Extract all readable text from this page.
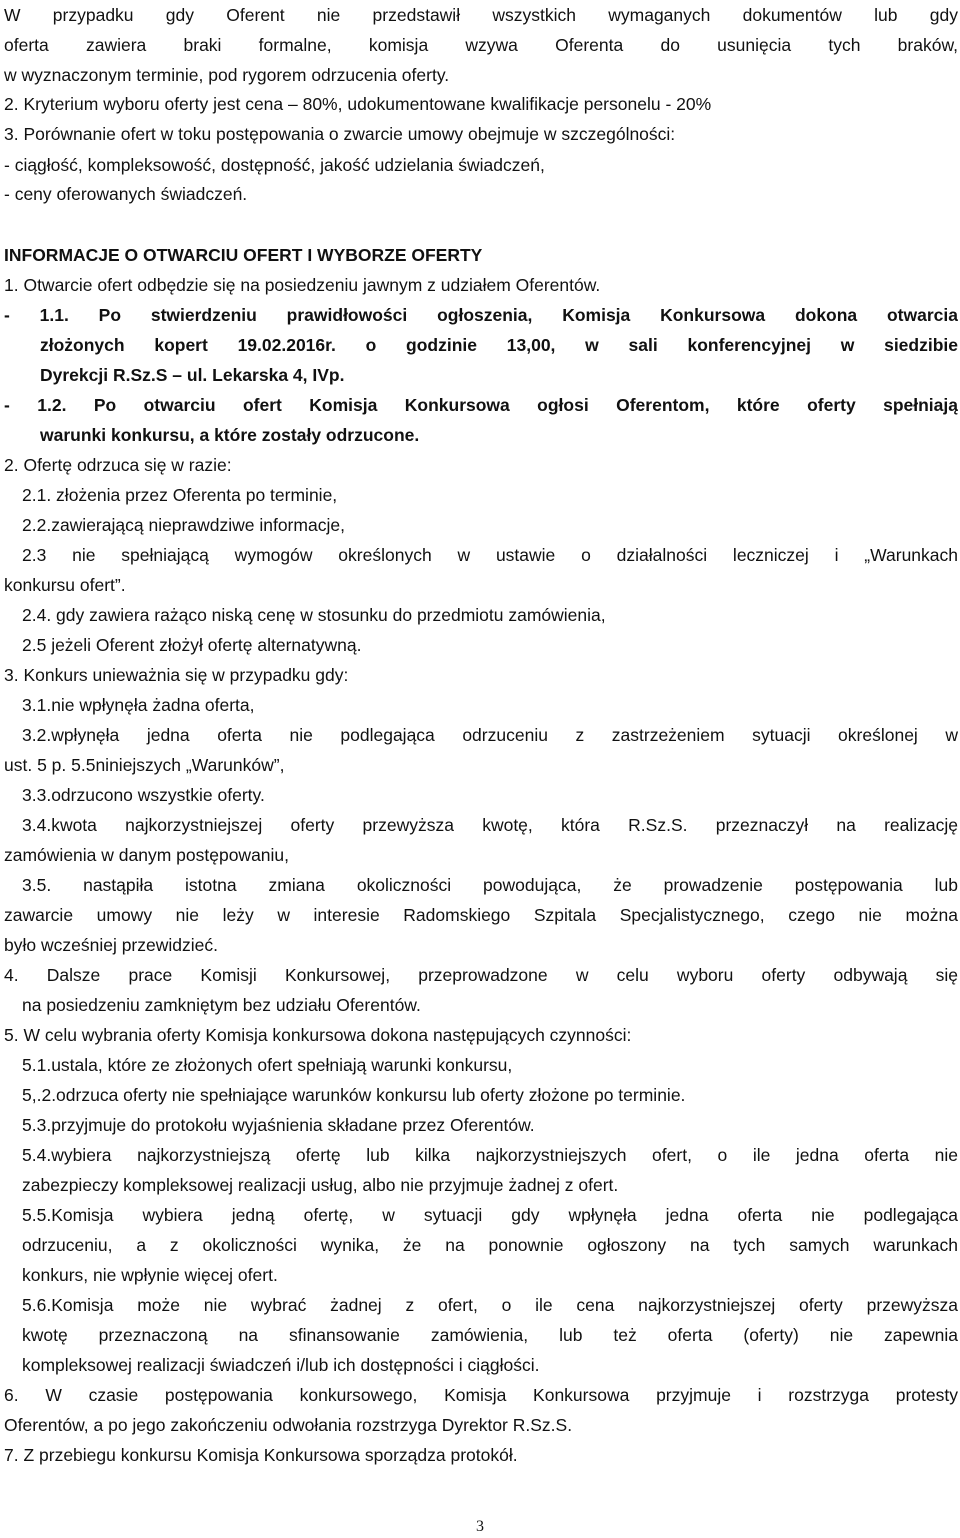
W przypadku gdy Oferent nie przedstawił wszystkich wymaganych dokumentów lub gdy
oferta zawiera braki formalne, komisja wzywa Oferenta do usunięcia tych braków,
w wyznaczonym terminie, pod rygorem odrzucenia oferty.
2. Kryterium wyboru oferty jest cena – 80%, udokumentowane kwalifikacje personelu - 20%
3. Porównanie ofert w toku postępowania o zwarcie umowy obejmuje w szczególności:
- ciągłość, kompleksowość, dostępność, jakość udzielania świadczeń,
- ceny oferowanych świadczeń.
INFORMACJE O OTWARCIU OFERT I WYBORZE OFERTY
1. Otwarcie ofert odbędzie się na posiedzeniu jawnym z udziałem Oferentów.
- 1.1. Po stwierdzeniu prawidłowości ogłoszenia, Komisja Konkursowa dokona otwarcia
złożonych kopert 19.02.2016r. o godzinie 13,00, w sali konferencyjnej w siedzibie
Dyrekcji R.Sz.S – ul. Lekarska 4, IVp.
- 1.2. Po otwarciu ofert Komisja Konkursowa ogłosi Oferentom, które oferty spełniają
warunki konkursu, a które zostały odrzucone.
2. Ofertę odrzuca się w razie:
2.1. złożenia przez Oferenta po terminie,
2.2.zawierającą nieprawdziwe informacje,
2.3 nie spełniającą wymogów określonych w ustawie o działalności leczniczej i „Warunkach
konkursu ofert”.
2.4. gdy zawiera rażąco niską cenę w stosunku do przedmiotu zamówienia,
2.5 jeżeli Oferent złożył ofertę alternatywną.
3. Konkurs unieważnia się w przypadku gdy:
3.1.nie wpłynęła żadna oferta,
3.2.wpłynęła jedna oferta nie podlegająca odrzuceniu z zastrzeżeniem sytuacji określonej w
ust. 5 p. 5.5niniejszych „Warunków”,
3.3.odrzucono wszystkie oferty.
3.4.kwota najkorzystniejszej oferty przewyższa kwotę, która R.Sz.S. przeznaczył na realizację
zamówienia w danym postępowaniu,
3.5. nastąpiła istotna zmiana okoliczności powodująca, że prowadzenie postępowania lub
zawarcie umowy nie leży w interesie Radomskiego Szpitala Specjalistycznego, czego nie można
było wcześniej przewidzieć.
4. Dalsze prace Komisji Konkursowej, przeprowadzone w celu wyboru oferty odbywają się
na posiedzeniu zamkniętym bez udziału Oferentów.
5. W celu wybrania oferty Komisja konkursowa dokona następujących czynności:
5.1.ustala, które ze złożonych ofert spełniają warunki konkursu,
5,.2.odrzuca oferty nie spełniające warunków konkursu lub oferty złożone po terminie.
5.3.przyjmuje do protokołu wyjaśnienia składane przez Oferentów.
5.4.wybiera najkorzystniejszą ofertę lub kilka najkorzystniejszych ofert, o ile jedna oferta nie
zabezpieczy kompleksowej realizacji usług, albo nie przyjmuje żadnej z ofert.
5.5.Komisja wybiera jedną ofertę, w sytuacji gdy wpłynęła jedna oferta nie podlegająca
odrzuceniu, a z okoliczności wynika, że na ponownie ogłoszony na tych samych warunkach
konkurs, nie wpłynie więcej ofert.
5.6.Komisja może nie wybrać żadnej z ofert, o ile cena najkorzystniejszej oferty przewyższa
kwotę przeznaczoną na sfinansowanie zamówienia, lub też oferta (oferty) nie zapewnia
kompleksowej realizacji świadczeń i/lub ich dostępności i ciągłości.
6. W czasie postępowania konkursowego, Komisja Konkursowa przyjmuje i rozstrzyga protesty
Oferentów, a po jego zakończeniu odwołania rozstrzyga Dyrektor R.Sz.S.
7. Z przebiegu konkursu Komisja Konkursowa sporządza protokół.
3
